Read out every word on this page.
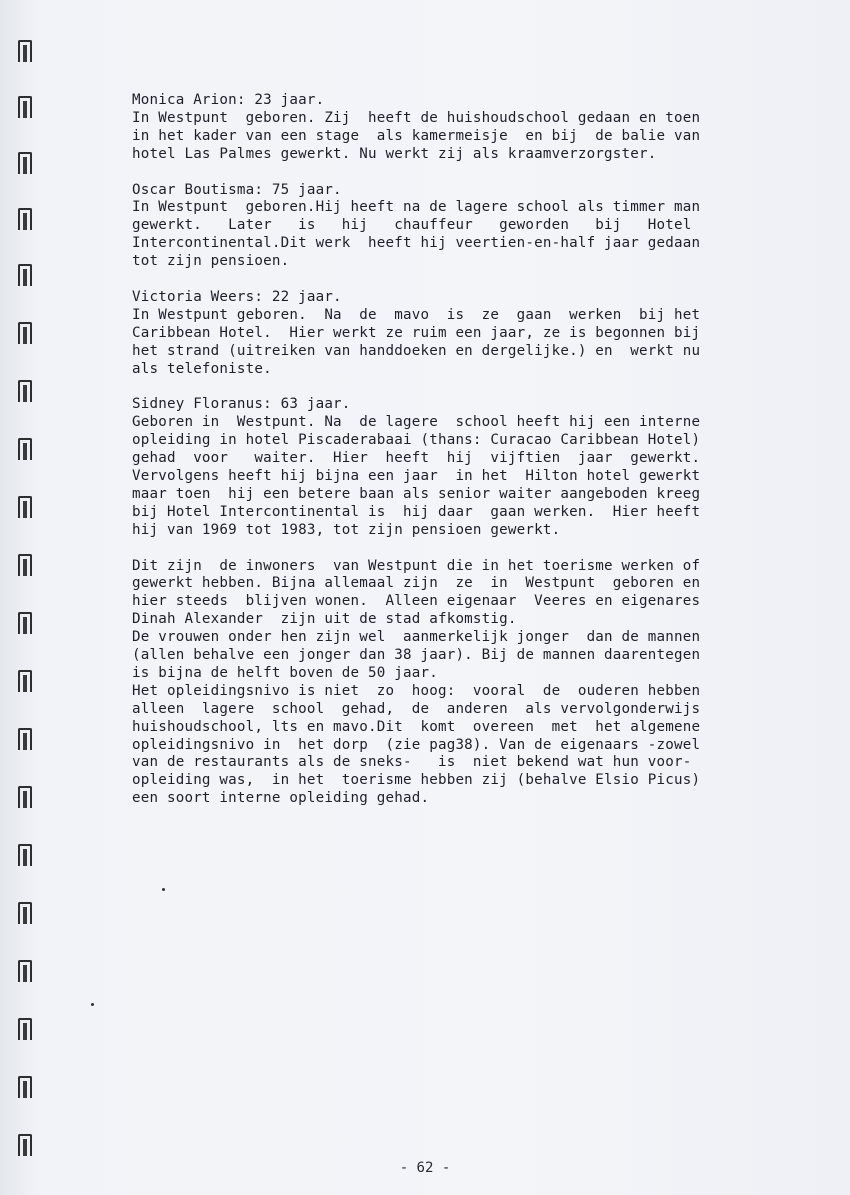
Monica Arion: 23 jaar.
In Westpunt  geboren. Zij  heeft de huishoudschool gedaan en toen
in het kader van een stage  als kamermeisje  en bij  de balie van
hotel Las Palmes gewerkt. Nu werkt zij als kraamverzorgster.
Oscar Boutisma: 75 jaar.
In Westpunt  geboren.Hij heeft na de lagere school als timmer man
gewerkt.   Later   is   hij   chauffeur   geworden   bij   Hotel
Intercontinental.Dit werk  heeft hij veertien-en-half jaar gedaan
tot zijn pensioen.
Victoria Weers: 22 jaar.
In Westpunt geboren.  Na  de  mavo  is  ze  gaan  werken  bij het
Caribbean Hotel.  Hier werkt ze ruim een jaar, ze is begonnen bij
het strand (uitreiken van handdoeken en dergelijke.) en  werkt nu
als telefoniste.
Sidney Floranus: 63 jaar.
Geboren in  Westpunt. Na  de lagere  school heeft hij een interne
opleiding in hotel Piscaderabaai (thans: Curacao Caribbean Hotel)
gehad  voor   waiter.  Hier  heeft  hij  vijftien  jaar  gewerkt.
Vervolgens heeft hij bijna een jaar  in het  Hilton hotel gewerkt
maar toen  hij een betere baan als senior waiter aangeboden kreeg
bij Hotel Intercontinental is  hij daar  gaan werken.  Hier heeft
hij van 1969 tot 1983, tot zijn pensioen gewerkt.
Dit zijn  de inwoners  van Westpunt die in het toerisme werken of
gewerkt hebben. Bijna allemaal zijn  ze  in  Westpunt  geboren en
hier steeds  blijven wonen.  Alleen eigenaar  Veeres en eigenares
Dinah Alexander  zijn uit de stad afkomstig.
De vrouwen onder hen zijn wel  aanmerkelijk jonger  dan de mannen
(allen behalve een jonger dan 38 jaar). Bij de mannen daarentegen
is bijna de helft boven de 50 jaar.
Het opleidingsnivo is niet  zo  hoog:  vooral  de  ouderen hebben
alleen  lagere  school  gehad,  de  anderen  als vervolgonderwijs
huishoudschool, lts en mavo.Dit  komt  overeen  met  het algemene
opleidingsnivo in  het dorp  (zie pag38). Van de eigenaars -zowel
van de restaurants als de sneks-   is  niet bekend wat hun voor-
opleiding was,  in het  toerisme hebben zij (behalve Elsio Picus)
een soort interne opleiding gehad.
- 62 -
